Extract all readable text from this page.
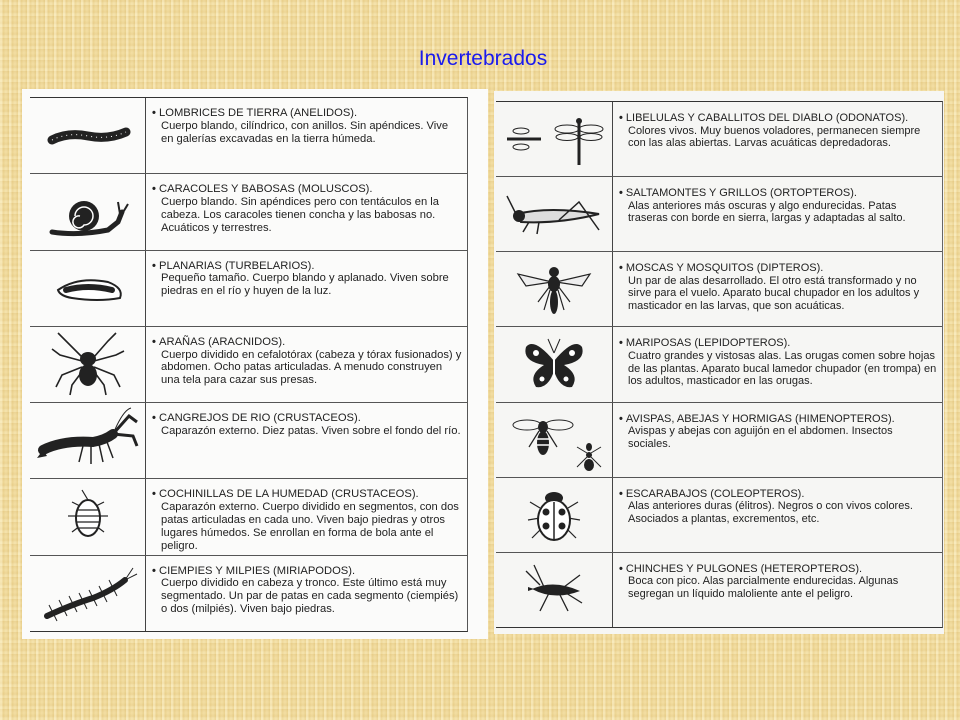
Invertebrados
• LOMBRICES DE TIERRA (ANELIDOS).
Cuerpo blando, cilíndrico, con anillos. Sin apéndices. Vive en galerías excavadas en la tierra húmeda.
• CARACOLES Y BABOSAS (MOLUSCOS).
Cuerpo blando. Sin apéndices pero con tentáculos en la cabeza. Los caracoles tienen concha y las babosas no. Acuáticos y terrestres.
• PLANARIAS (TURBELARIOS).
Pequeño tamaño. Cuerpo blando y aplanado. Viven sobre piedras en el río y huyen de la luz.
• ARAÑAS (ARACNIDOS).
Cuerpo dividido en cefalotórax (cabeza y tórax fusionados) y abdomen. Ocho patas articuladas. A menudo construyen una tela para cazar sus presas.
• CANGREJOS DE RIO (CRUSTACEOS).
Caparazón externo. Diez patas. Viven sobre el fondo del río.
• COCHINILLAS DE LA HUMEDAD (CRUSTACEOS).
Caparazón externo. Cuerpo dividido en segmentos, con dos patas articuladas en cada uno. Viven bajo piedras y otros lugares húmedos. Se enrollan en forma de bola ante el peligro.
• CIEMPIES Y MILPIES (MIRIAPODOS).
Cuerpo dividido en cabeza y tronco. Este último está muy segmentado. Un par de patas en cada segmento (ciempiés) o dos (milpiés). Viven bajo piedras.
• LIBELULAS Y CABALLITOS DEL DIABLO (ODONATOS).
Colores vivos. Muy buenos voladores, permanecen siempre con las alas abiertas. Larvas acuáticas depredadoras.
• SALTAMONTES Y GRILLOS (ORTOPTEROS).
Alas anteriores más oscuras y algo endurecidas. Patas traseras con borde en sierra, largas y adaptadas al salto.
• MOSCAS Y MOSQUITOS (DIPTEROS).
Un par de alas desarrollado. El otro está transformado y no sirve para el vuelo. Aparato bucal chupador en los adultos y masticador en las larvas, que son acuáticas.
• MARIPOSAS (LEPIDOPTEROS).
Cuatro grandes y vistosas alas. Las orugas comen sobre hojas de las plantas. Aparato bucal lamedor chupador (en trompa) en los adultos, masticador en las orugas.
• AVISPAS, ABEJAS Y HORMIGAS (HIMENOPTEROS).
Avispas y abejas con aguijón en el abdomen. Insectos sociales.
• ESCARABAJOS (COLEOPTEROS).
Alas anteriores duras (élitros). Negros o con vivos colores. Asociados a plantas, excrementos, etc.
• CHINCHES Y PULGONES (HETEROPTEROS).
Boca con pico. Alas parcialmente endurecidas. Algunas segregan un líquido maloliente ante el peligro.
